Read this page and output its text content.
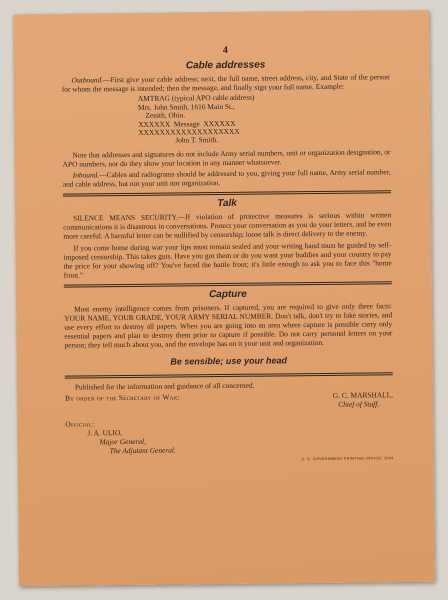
4
Cable addresses

Outbound.—First give your cable address; next, the full name, street address, city, and State of the person for whom the message is intended; then the message, and finally sign your full name. Example:

AMTRAG (typical APO cable address)
Mrs. John Smith, 1616 Main St.,
Zenith, Ohio.
XXXXXX  Message  XXXXXX
XXXXXXXXXXXXXXXXXXX
John T. Smith.

Note that addresses and signatures do not include Army serial numbers, unit or organization designation, or APO numbers, nor do they show your location in any manner whatsoever.

Inbound.—Cables and radiograms should be addressed to you, giving your full name, Army serial number, and cable address, but not your unit nor organization.

Talk

SILENCE MEANS SECURITY.—If violation of protective measures is serious within written communications it is disastrous in conversations. Protect your conversation as you do your letters, and be even more careful. A harmful letter can be nullified by censorship; loose talk is direct delivery to the enemy.

If you come home during war your lips must remain sealed and your writing hand must be guided by self-imposed censorship. This takes guts. Have you got them or do you want your buddies and your country to pay the price for your showing off? You've faced the battle front; it's little enough to ask you to face this "home front."

Capture

Most enemy intelligence comes from prisoners. If captured, you are required to give only three facts: YOUR NAME, YOUR GRADE, YOUR ARMY SERIAL NUMBER. Don't talk, don't try to fake stories, and use every effort to destroy all papers. When you are going into an area where capture is possible carry only essential papers and plan to destroy them prior to capture if possible. Do not carry personal letters on your person; they tell much about you, and the envelope has on it your unit and organization.

Be sensible; use your head

Published for the information and guidance of all concerned.

By order of the Secretary of War:	G. C. MARSHALL,
Chief of Staff.
Official:
J. A. ULIO,
Major General,
The Adjutant General.
U. S. GOVERNMENT PRINTING OFFICE: 1943
